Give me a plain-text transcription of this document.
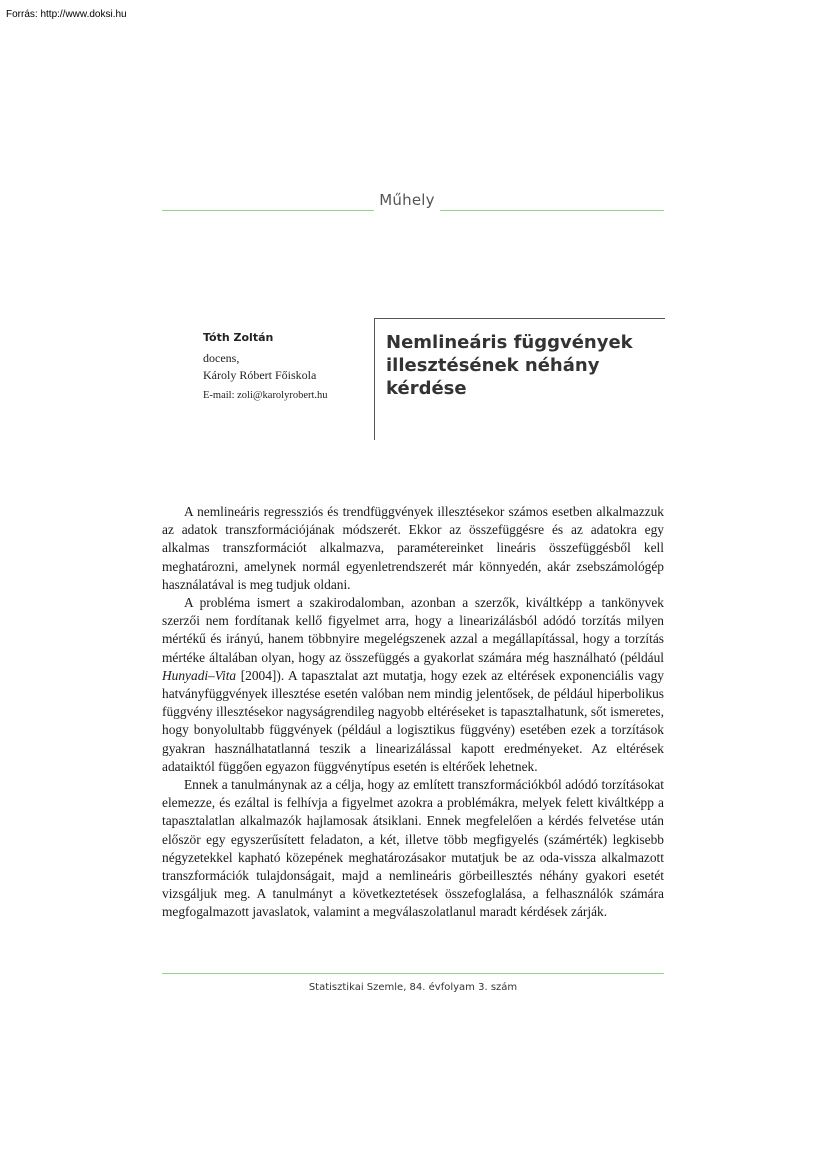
Forrás: http://www.doksi.hu
Műhely
Tóth Zoltán
docens,
Károly Róbert Főiskola
E-mail: zoli@karolyrobert.hu
Nemlineáris függvények illesztésének néhány kérdése

A nemlineáris regressziós és trendfüggvények illesztésekor számos esetben alkalmazzuk az adatok transzformációjának módszerét. Ekkor az összefüggésre és az adatokra egy alkalmas transzformációt alkalmazva, paramétereinket lineáris összefüggésből kell meghatározni, amelynek normál egyenletrendszerét már könnyedén, akár zsebszámológép használatával is meg tudjuk oldani.

A probléma ismert a szakirodalomban, azonban a szerzők, kiváltképp a tankönyvek szerzői nem fordítanak kellő figyelmet arra, hogy a linearizálásból adódó torzítás milyen mértékű és irányú, hanem többnyire megelégszenek azzal a megállapítással, hogy a torzítás mértéke általában olyan, hogy az összefüggés a gyakorlat számára még használható (például Hunyadi–Vita [2004]). A tapasztalat azt mutatja, hogy ezek az eltérések exponenciális vagy hatványfüggvények illesztése esetén valóban nem mindig jelentősek, de például hiperbolikus függvény illesztésekor nagyságrendileg nagyobb eltéréseket is tapasztalhatunk, sőt ismeretes, hogy bonyolultabb függvények (például a logisztikus függvény) esetében ezek a torzítások gyakran használhatatlanná teszik a linearizálással kapott eredményeket. Az eltérések adataiktól függően egyazon függvénytípus esetén is eltérőek lehetnek.

Ennek a tanulmánynak az a célja, hogy az említett transzformációkból adódó torzításokat elemezze, és ezáltal is felhívja a figyelmet azokra a problémákra, melyek felett kiváltképp a tapasztalatlan alkalmazók hajlamosak átsiklani. Ennek megfelelően a kérdés felvetése után először egy egyszerűsített feladaton, a két, illetve több megfigyelés (számérték) legkisebb négyzetekkel kapható közepének meghatározásakor mutatjuk be az oda-vissza alkalmazott transzformációk tulajdonságait, majd a nemlineáris görbeillesztés néhány gyakori esetét vizsgáljuk meg. A tanulmányt a következtetések összefoglalása, a felhasználók számára megfogalmazott javaslatok, valamint a megválaszolatlanul maradt kérdések zárják.

Statisztikai Szemle, 84. évfolyam 3. szám
